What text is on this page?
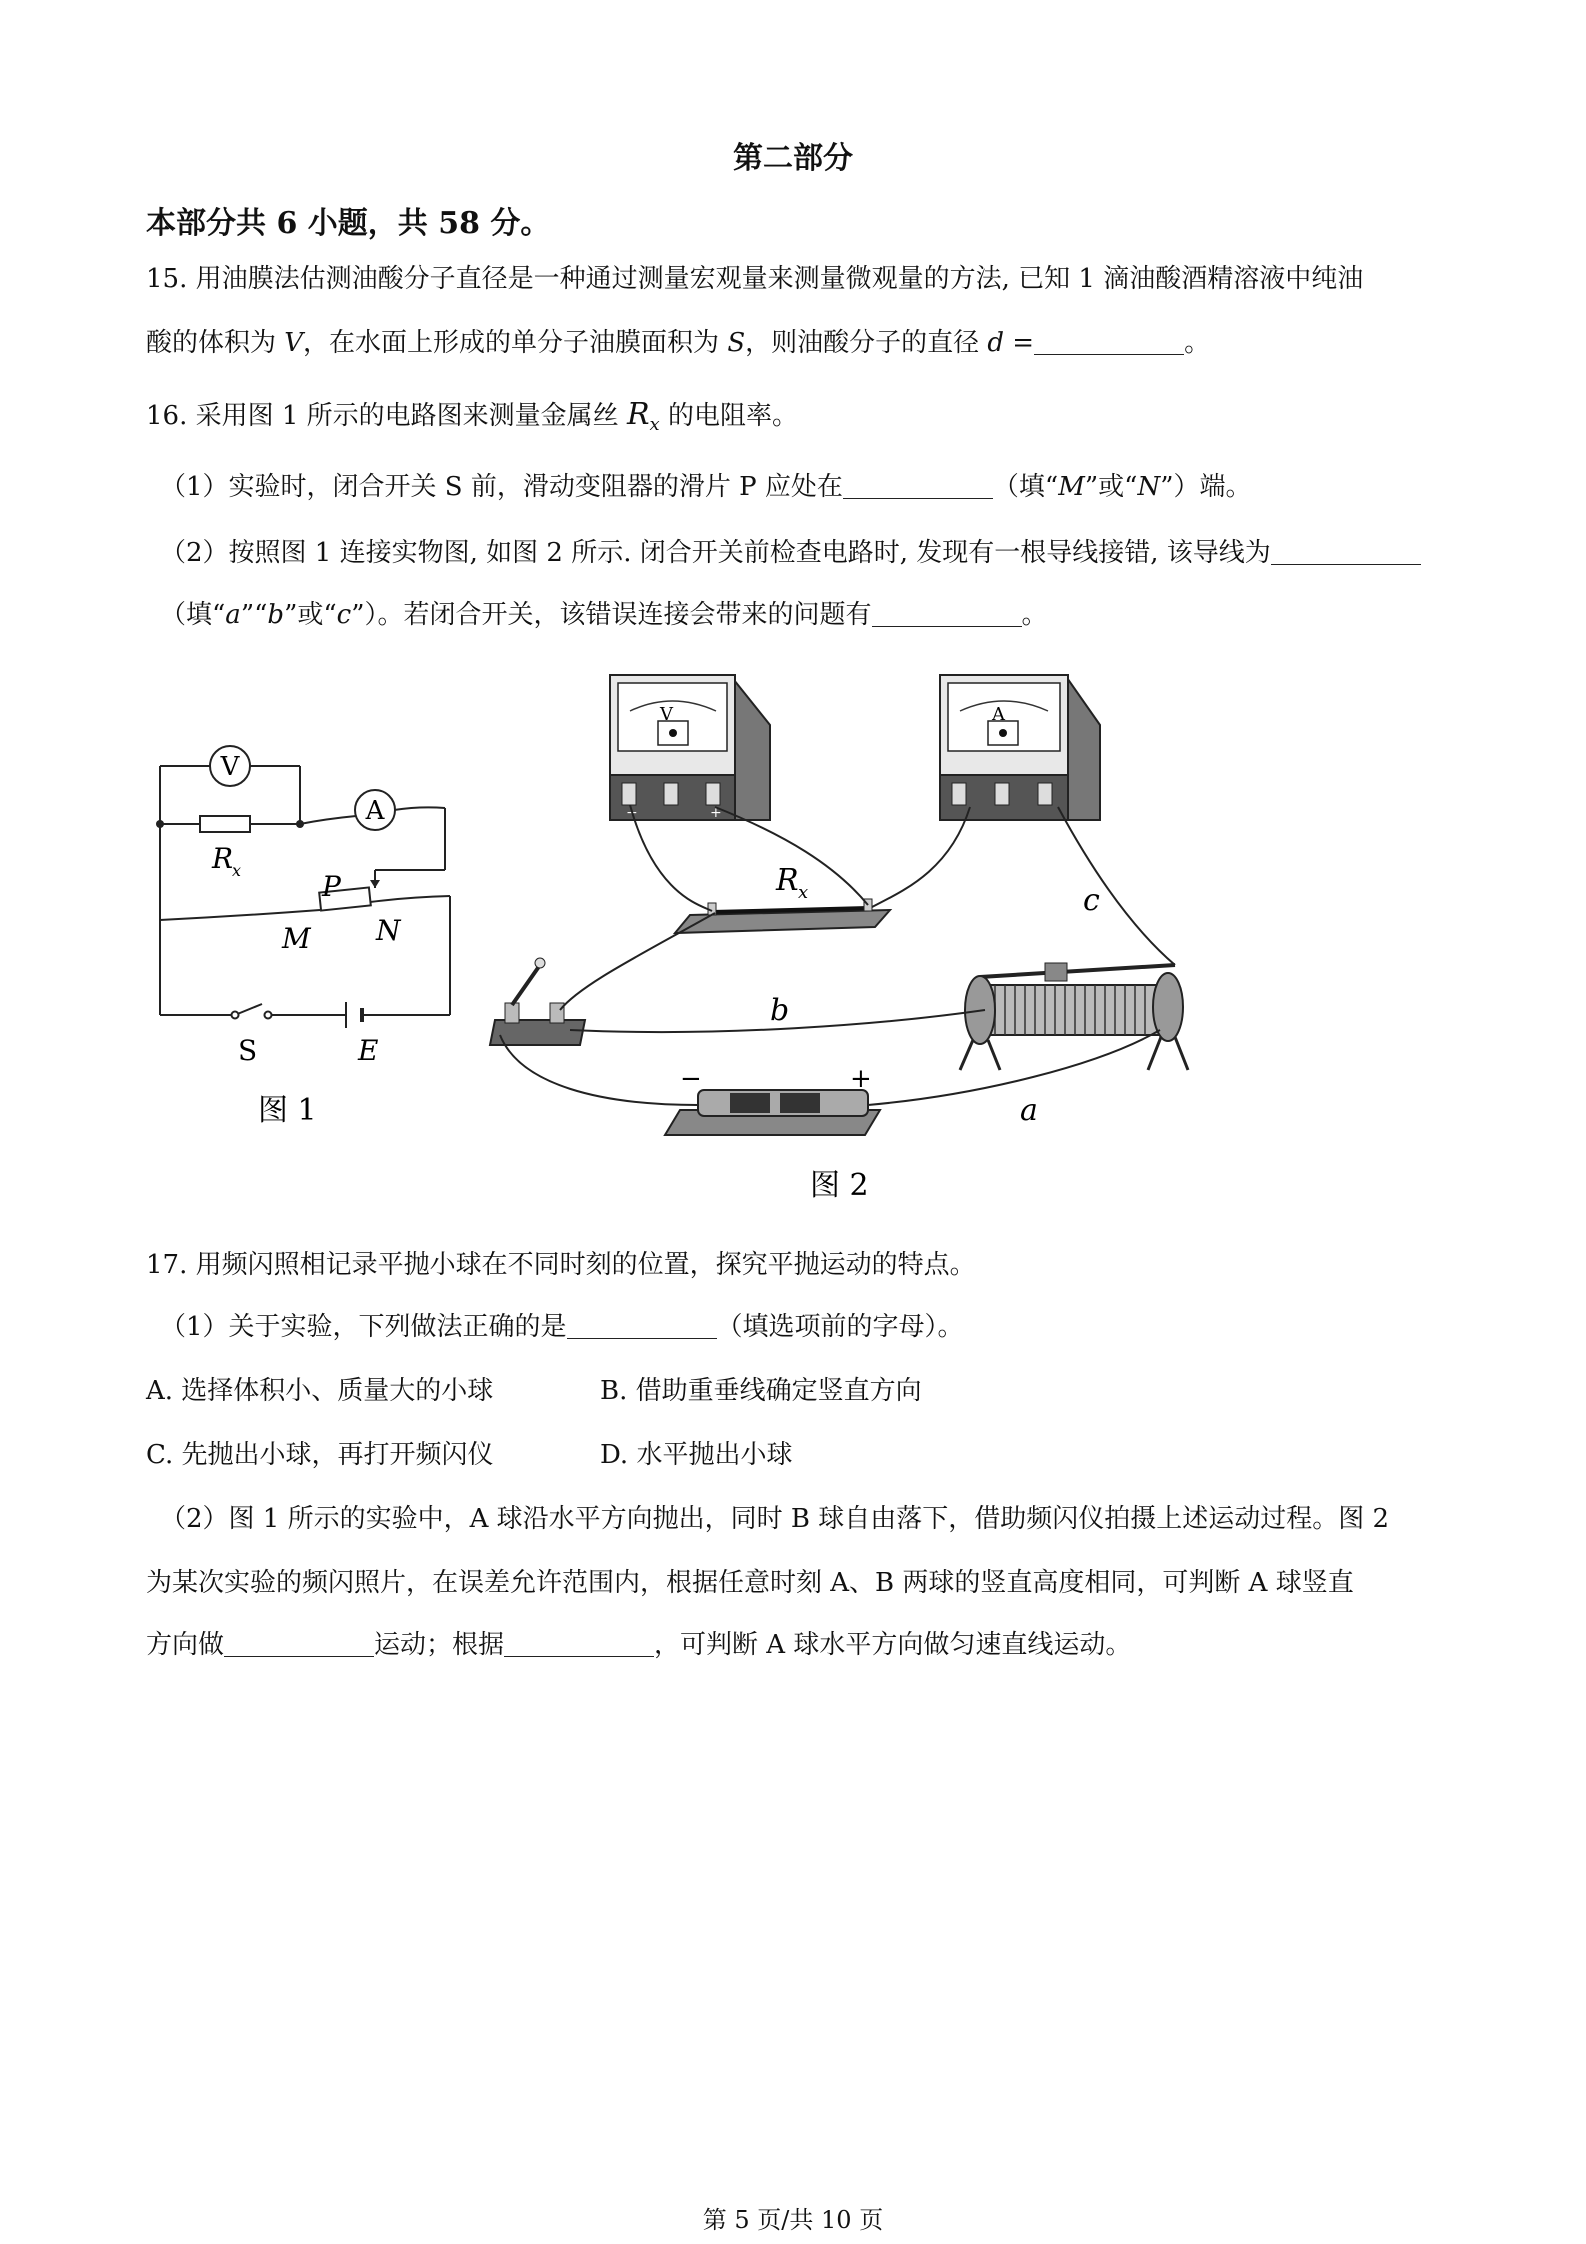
第二部分
本部分共 6 小题，共 58 分。
15. 用油膜法估测油酸分子直径是一种通过测量宏观量来测量微观量的方法, 已知 1 滴油酸酒精溶液中纯油
酸的体积为 V，在水面上形成的单分子油膜面积为 S，则油酸分子的直径 d =	。
16. 采用图 1 所示的电路图来测量金属丝 $R_x$ 的电阻率。
（1）实验时，闭合开关 S 前，滑动变阻器的滑片 P 应处在	（填“M”或“N”）端。
（2）按照图 1 连接实物图, 如图 2 所示. 闭合开关前检查电路时, 发现有一根导线接错, 该导线为
（填“a”“b”或“c”）。若闭合开关，该错误连接会带来的问题有	。
V
A
R
x	P
M N
S	E
图 1
V
−	+
A
R x
−	+
c
b
a
图 2
17. 用频闪照相记录平抛小球在不同时刻的位置，探究平抛运动的特点。
（1）关于实验，下列做法正确的是	（填选项前的字母）。
A. 选择体积小、质量大的小球	B. 借助重垂线确定竖直方向
C. 先抛出小球，再打开频闪仪	D. 水平抛出小球
（2）图 1 所示的实验中，A 球沿水平方向抛出，同时 B 球自由落下，借助频闪仪拍摄上述运动过程。图 2
为某次实验的频闪照片，在误差允许范围内，根据任意时刻 A、B 两球的竖直高度相同，可判断 A 球竖直
方向做	运动；根据	，可判断 A 球水平方向做匀速直线运动。
第 5 页/共 10 页
